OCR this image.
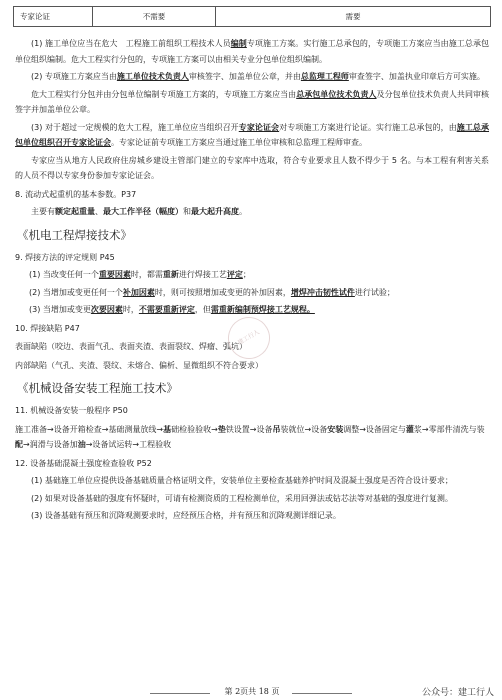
专家论证	不需要	需要
(1) 施工单位应当在危大　工程施工前组织工程技术人员编制专项施工方案。实行施工总承包的，专项施工方案应当由施工总承包单位组织编制。危大工程实行分包的，专项施工方案可以由相关专业分包单位组织编制。
(2) 专项施工方案应当由施工单位技术负责人审核签字、加盖单位公章，并由总监理工程师审查签字、加盖执业印章后方可实施。
危大工程实行分包并由分包单位编制专项施工方案的，专项施工方案应当由总承包单位技术负责人及分包单位技术负责人共同审核签字并加盖单位公章。
(3) 对于超过一定规模的危大工程，施工单位应当组织召开专家论证会对专项施工方案进行论证。实行施工总承包的，由施工总承包单位组织召开专家论证会。专家论证前专项施工方案应当通过施工单位审核和总监理工程师审查。
专家应当从地方人民政府住房城乡建设主管部门建立的专家库中选取，符合专业要求且人数不得少于 5 名。与本工程有利害关系的人员不得以专家身份参加专家论证会。
8. 流动式起重机的基本参数。P37
主要有额定起重量、最大工作半径（幅度）和最大起升高度。
《机电工程焊接技术》
9. 焊接方法的评定规则 P45
(1) 当改变任何一个重要因素时，都需重新进行焊接工艺评定；
(2) 当增加或变更任何一个补加因素时，则可按照增加或变更的补加因素，增焊冲击韧性试件进行试验；
(3) 当增加或变更次要因素时，不需要重新评定，但需重新编制预焊接工艺规程。
10. 焊接缺陷 P47
表面缺陷（咬边、表面气孔、表面夹渣、表面裂纹、焊瘤、弧坑）
内部缺陷（气孔、夹渣、裂纹、未熔合、偏析、显微组织不符合要求）
《机械设备安装工程施工技术》
11. 机械设备安装一般程序 P50
施工准备→设备开箱检查→基础测量放线→基础检验验收→垫铁设置→设备吊装就位→设备安装调整→设备固定与灌浆→零部件清洗与装配→润滑与设备加油→设备试运转→工程验收
12. 设备基础混凝土强度检查验收 P52
(1) 基础施工单位应提供设备基础质量合格证明文件，安装单位主要检查基础养护时间及混凝土强度是否符合设计要求；
(2) 如果对设备基础的强度有怀疑时，可请有检测资质的工程检测单位，采用回弹法或钻芯法等对基础的强度进行复测。
(3) 设备基础有预压和沉降观测要求时，应经预压合格，并有预压和沉降观测详细记录。
建工行人
第 2页共 18 页	公众号：建工行人
